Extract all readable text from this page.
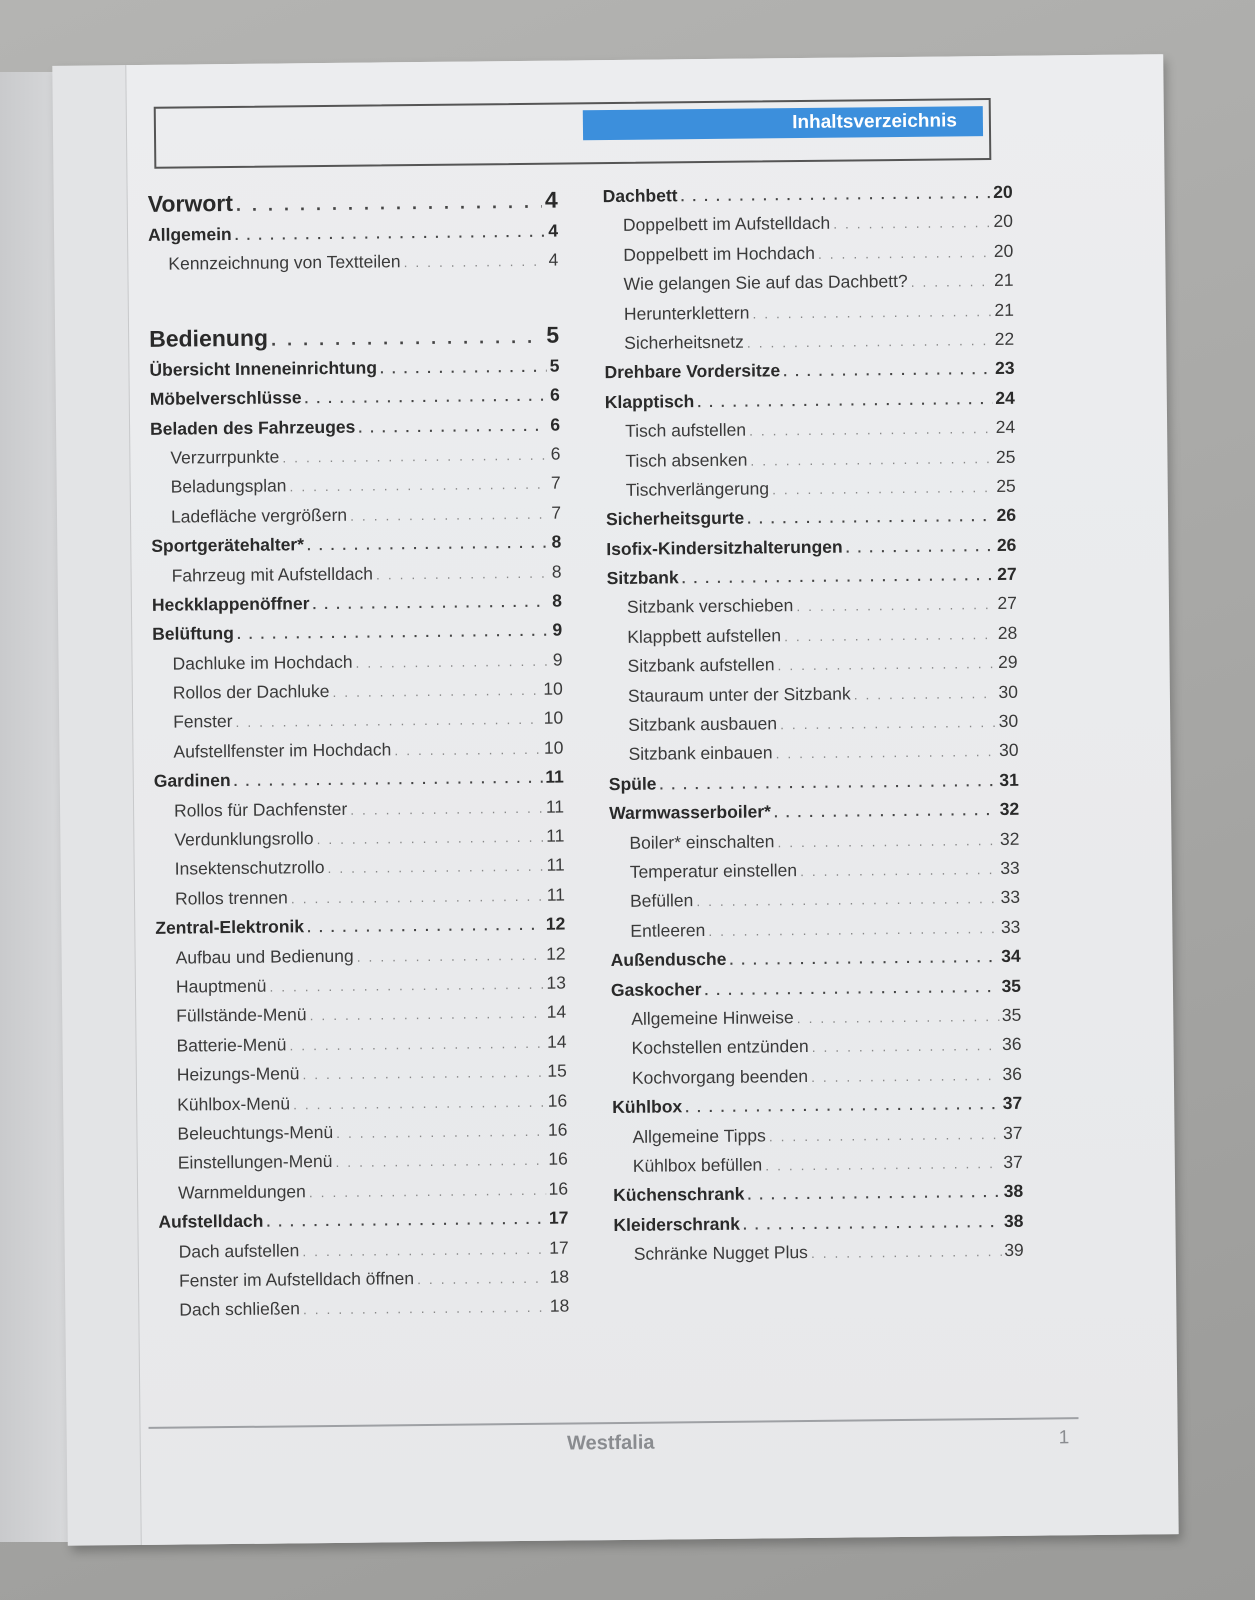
Inhaltsverzeichnis
Vorwort . . .	4
Allgemein . . .	4
Kennzeichnung von Textteilen . . .	4
Bedienung . . .	5
Übersicht Inneneinrichtung . . .	5
Möbelverschlüsse . . .	6
Beladen des Fahrzeuges . . .	6
Verzurrpunkte . . .	6
Beladungsplan . . .	7
Ladefläche vergrößern . . .	7
Sportgerätehalter* . . .	8
Fahrzeug mit Aufstelldach . . .	8
Heckklappenöffner . . .	8
Belüftung . . .	9
Dachluke im Hochdach . . .	9
Rollos der Dachluke . . .	10
Fenster . . .	10
Aufstellfenster im Hochdach . . .	10
Gardinen . . .	11
Rollos für Dachfenster . . .	11
Verdunklungsrollo . . .	11
Insektenschutzrollo . . .	11
Rollos trennen . . .	11
Zentral-Elektronik . . .	12
Aufbau und Bedienung . . .	12
Hauptmenü . . .	13
Füllstände-Menü . . .	14
Batterie-Menü . . .	14
Heizungs-Menü . . .	15
Kühlbox-Menü . . .	16
Beleuchtungs-Menü . . .	16
Einstellungen-Menü . . .	16
Warnmeldungen . . .	16
Aufstelldach . . .	17
Dach aufstellen . . .	17
Fenster im Aufstelldach öffnen . . .	18
Dach schließen . . .	18
Dachbett . . .	20
Doppelbett im Aufstelldach . . .	20
Doppelbett im Hochdach . . .	20
Wie gelangen Sie auf das Dachbett? . . .	21
Herunterklettern . . .	21
Sicherheitsnetz . . .	22
Drehbare Vordersitze . . .	23
Klapptisch . . .	24
Tisch aufstellen . . .	24
Tisch absenken . . .	25
Tischverlängerung . . .	25
Sicherheitsgurte . . .	26
Isofix-Kindersitzhalterungen . . .	26
Sitzbank . . .	27
Sitzbank verschieben . . .	27
Klappbett aufstellen . . .	28
Sitzbank aufstellen . . .	29
Stauraum unter der Sitzbank . . .	30
Sitzbank ausbauen . . .	30
Sitzbank einbauen . . .	30
Spüle . . .	31
Warmwasserboiler* . . .	32
Boiler* einschalten . . .	32
Temperatur einstellen . . .	33
Befüllen . . .	33
Entleeren . . .	33
Außendusche . . .	34
Gaskocher . . .	35
Allgemeine Hinweise . . .	35
Kochstellen entzünden . . .	36
Kochvorgang beenden . . .	36
Kühlbox . . .	37
Allgemeine Tipps . . .	37
Kühlbox befüllen . . .	37
Küchenschrank . . .	38
Kleiderschrank . . .	38
Schränke Nugget Plus . . .	39
Westfalia	1
